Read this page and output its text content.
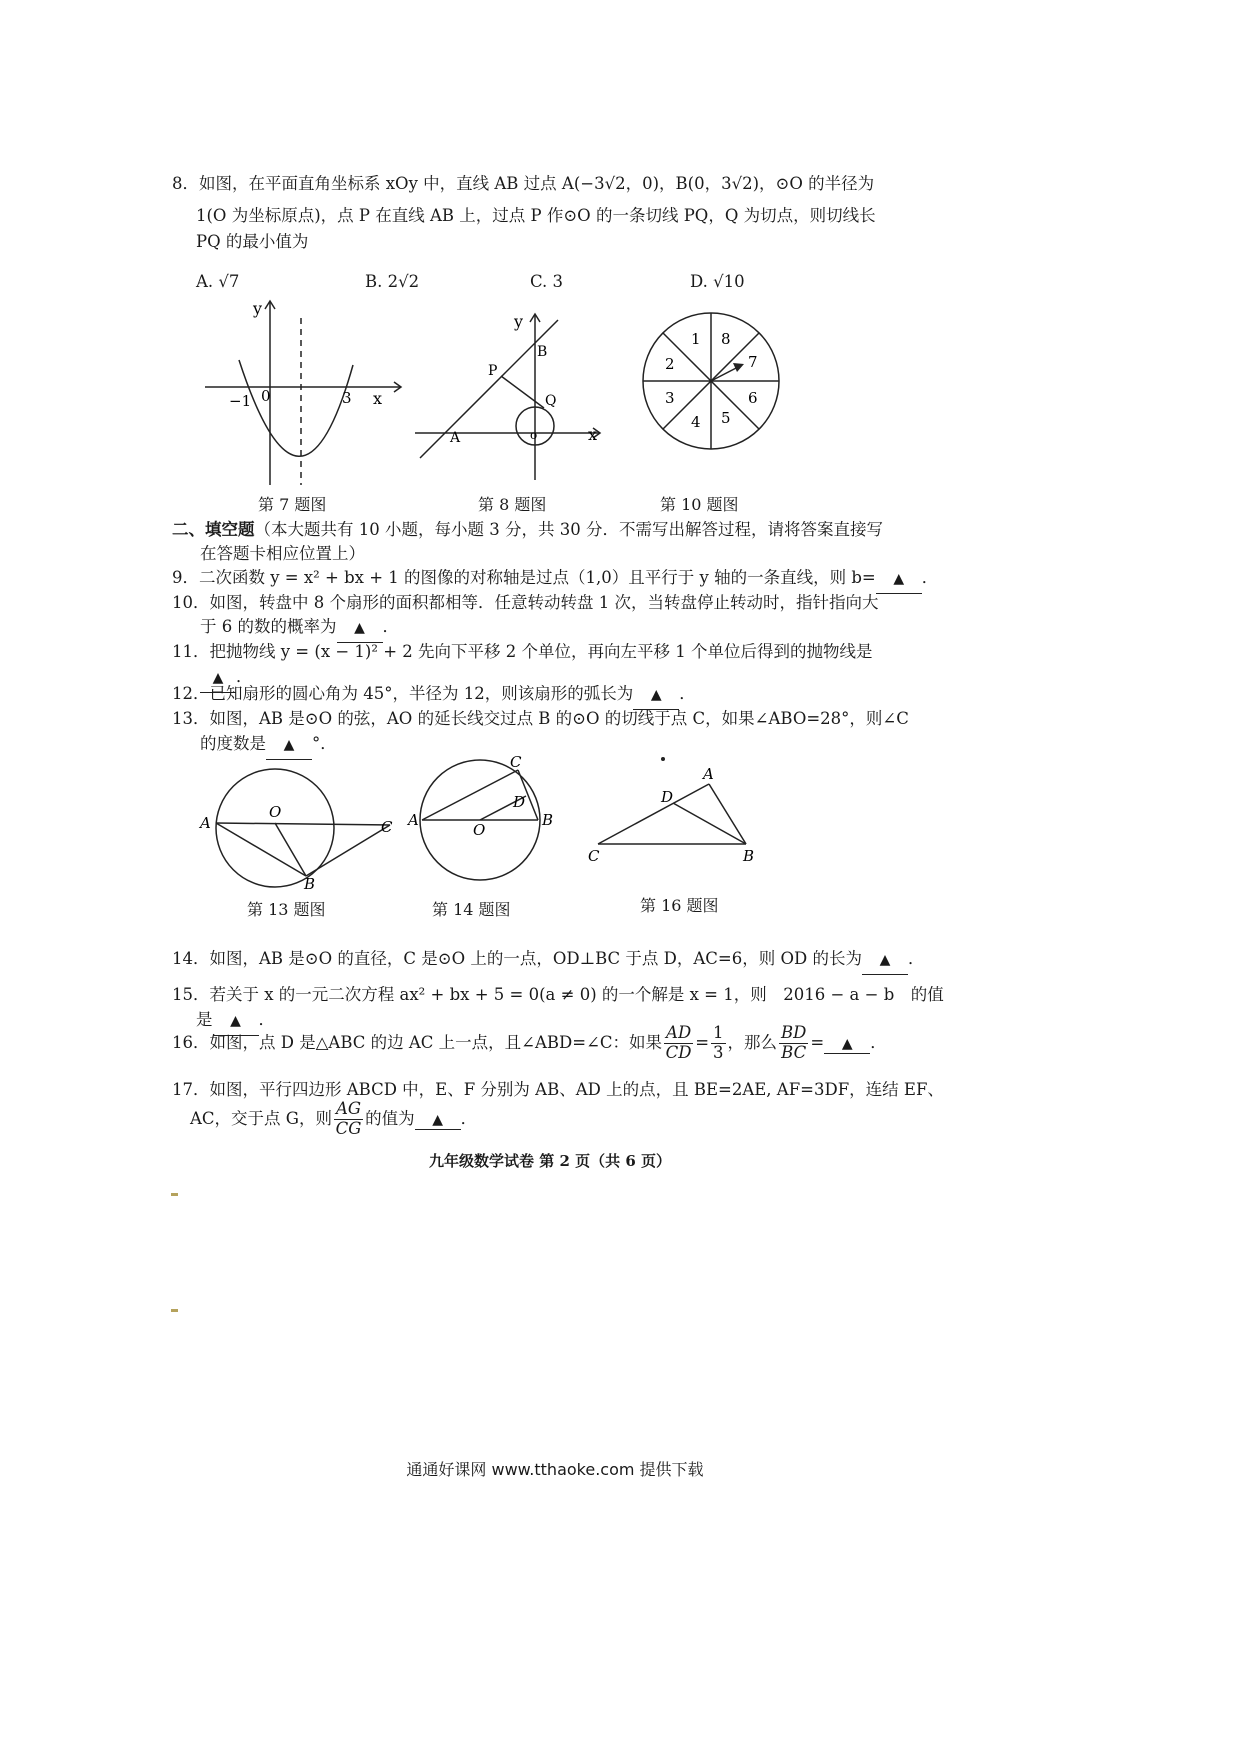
8．如图，在平面直角坐标系 xOy 中，直线 AB 过点 A(−3√2，0)，B(0，3√2)，⊙O 的半径为
1(O 为坐标原点)，点 P 在直线 AB 上，过点 P 作⊙O 的一条切线 PQ，Q 为切点，则切线长
PQ 的最小值为
A. √7	B. 2√2	C. 3	D. √10
y
x
−1 0	3
第 7 题图
y
x
B
P
Q
A	o
第 8 题图
1 8
2	7
3	6
4 5
第 10 题图
二、填空题（本大题共有 10 小题，每小题 3 分，共 30 分．不需写出解答过程，请将答案直接写
在答题卡相应位置上）
9．二次函数 y = x² + bx + 1 的图像的对称轴是过点（1,0）且平行于 y 轴的一条直线，则 b= ▲ ．
10．如图，转盘中 8 个扇形的面积都相等．任意转动转盘 1 次，当转盘停止转动时，指针指向大
于 6 的数的概率为 ▲ ．
11．把抛物线 y = (x − 1)² + 2 先向下平移 2 个单位，再向左平移 1 个单位后得到的抛物线是
▲ ．
12．已知扇形的圆心角为 45°，半径为 12，则该扇形的弧长为 ▲ ．
13．如图，AB 是⊙O 的弦，AO 的延长线交过点 B 的⊙O 的切线于点 C，如果∠ABO=28°，则∠C
的度数是 ▲ °．
A
O
C
B
第 13 题图
A
O
B
C
D
第 14 题图
A
D
C	B
第 16 题图
14．如图，AB 是⊙O 的直径，C 是⊙O 上的一点，OD⊥BC 于点 D，AC=6，则 OD 的长为 ▲ ．
15．若关于 x 的一元二次方程 ax² + bx + 5 = 0(a ≠ 0) 的一个解是 x = 1，则　2016 − a − b　的值
是 ▲ ．
16．如图，点 D 是△ABC 的边 AC 上一点，且∠ABD=∠C：如果 $\frac{AD}{CD} = \frac{1}{3}$ ，那么 $\frac{BD}{BC}$ = ▲ ．
17．如图，平行四边形 ABCD 中，E、F 分别为 AB、AD 上的点，且 BE=2AE, AF=3DF，连结 EF、
AC，交于点 G，则 $\frac{AG}{CG}$ 的值为 ▲ ．
九年级数学试卷 第 2 页（共 6 页）
通通好课网 www.tthaoke.com 提供下载
